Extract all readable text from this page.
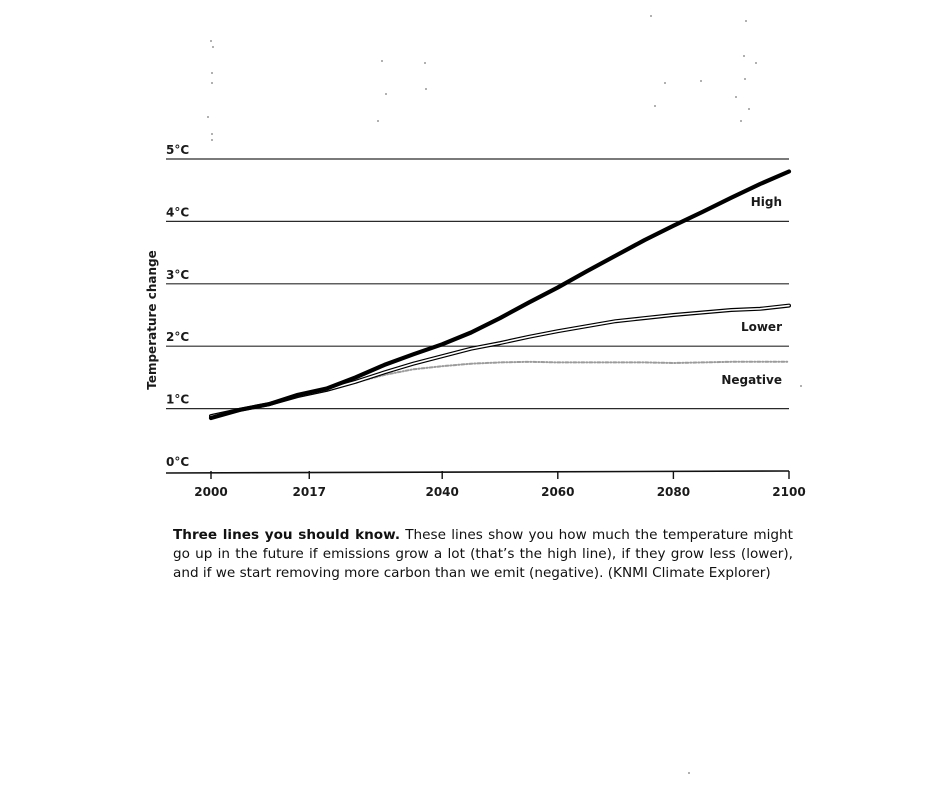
0°C
1°C
2°C
3°C
4°C
5°C
2000	2017	2040	2060	2080	2100
High
Lower
Negative
Temperature change
Three lines you should know. These lines show you how much the temperature might go up in the future if emissions grow a lot (that’s the high line), if they grow less (lower), and if we start removing more carbon than we emit (negative). (KNMI Climate Explorer)
